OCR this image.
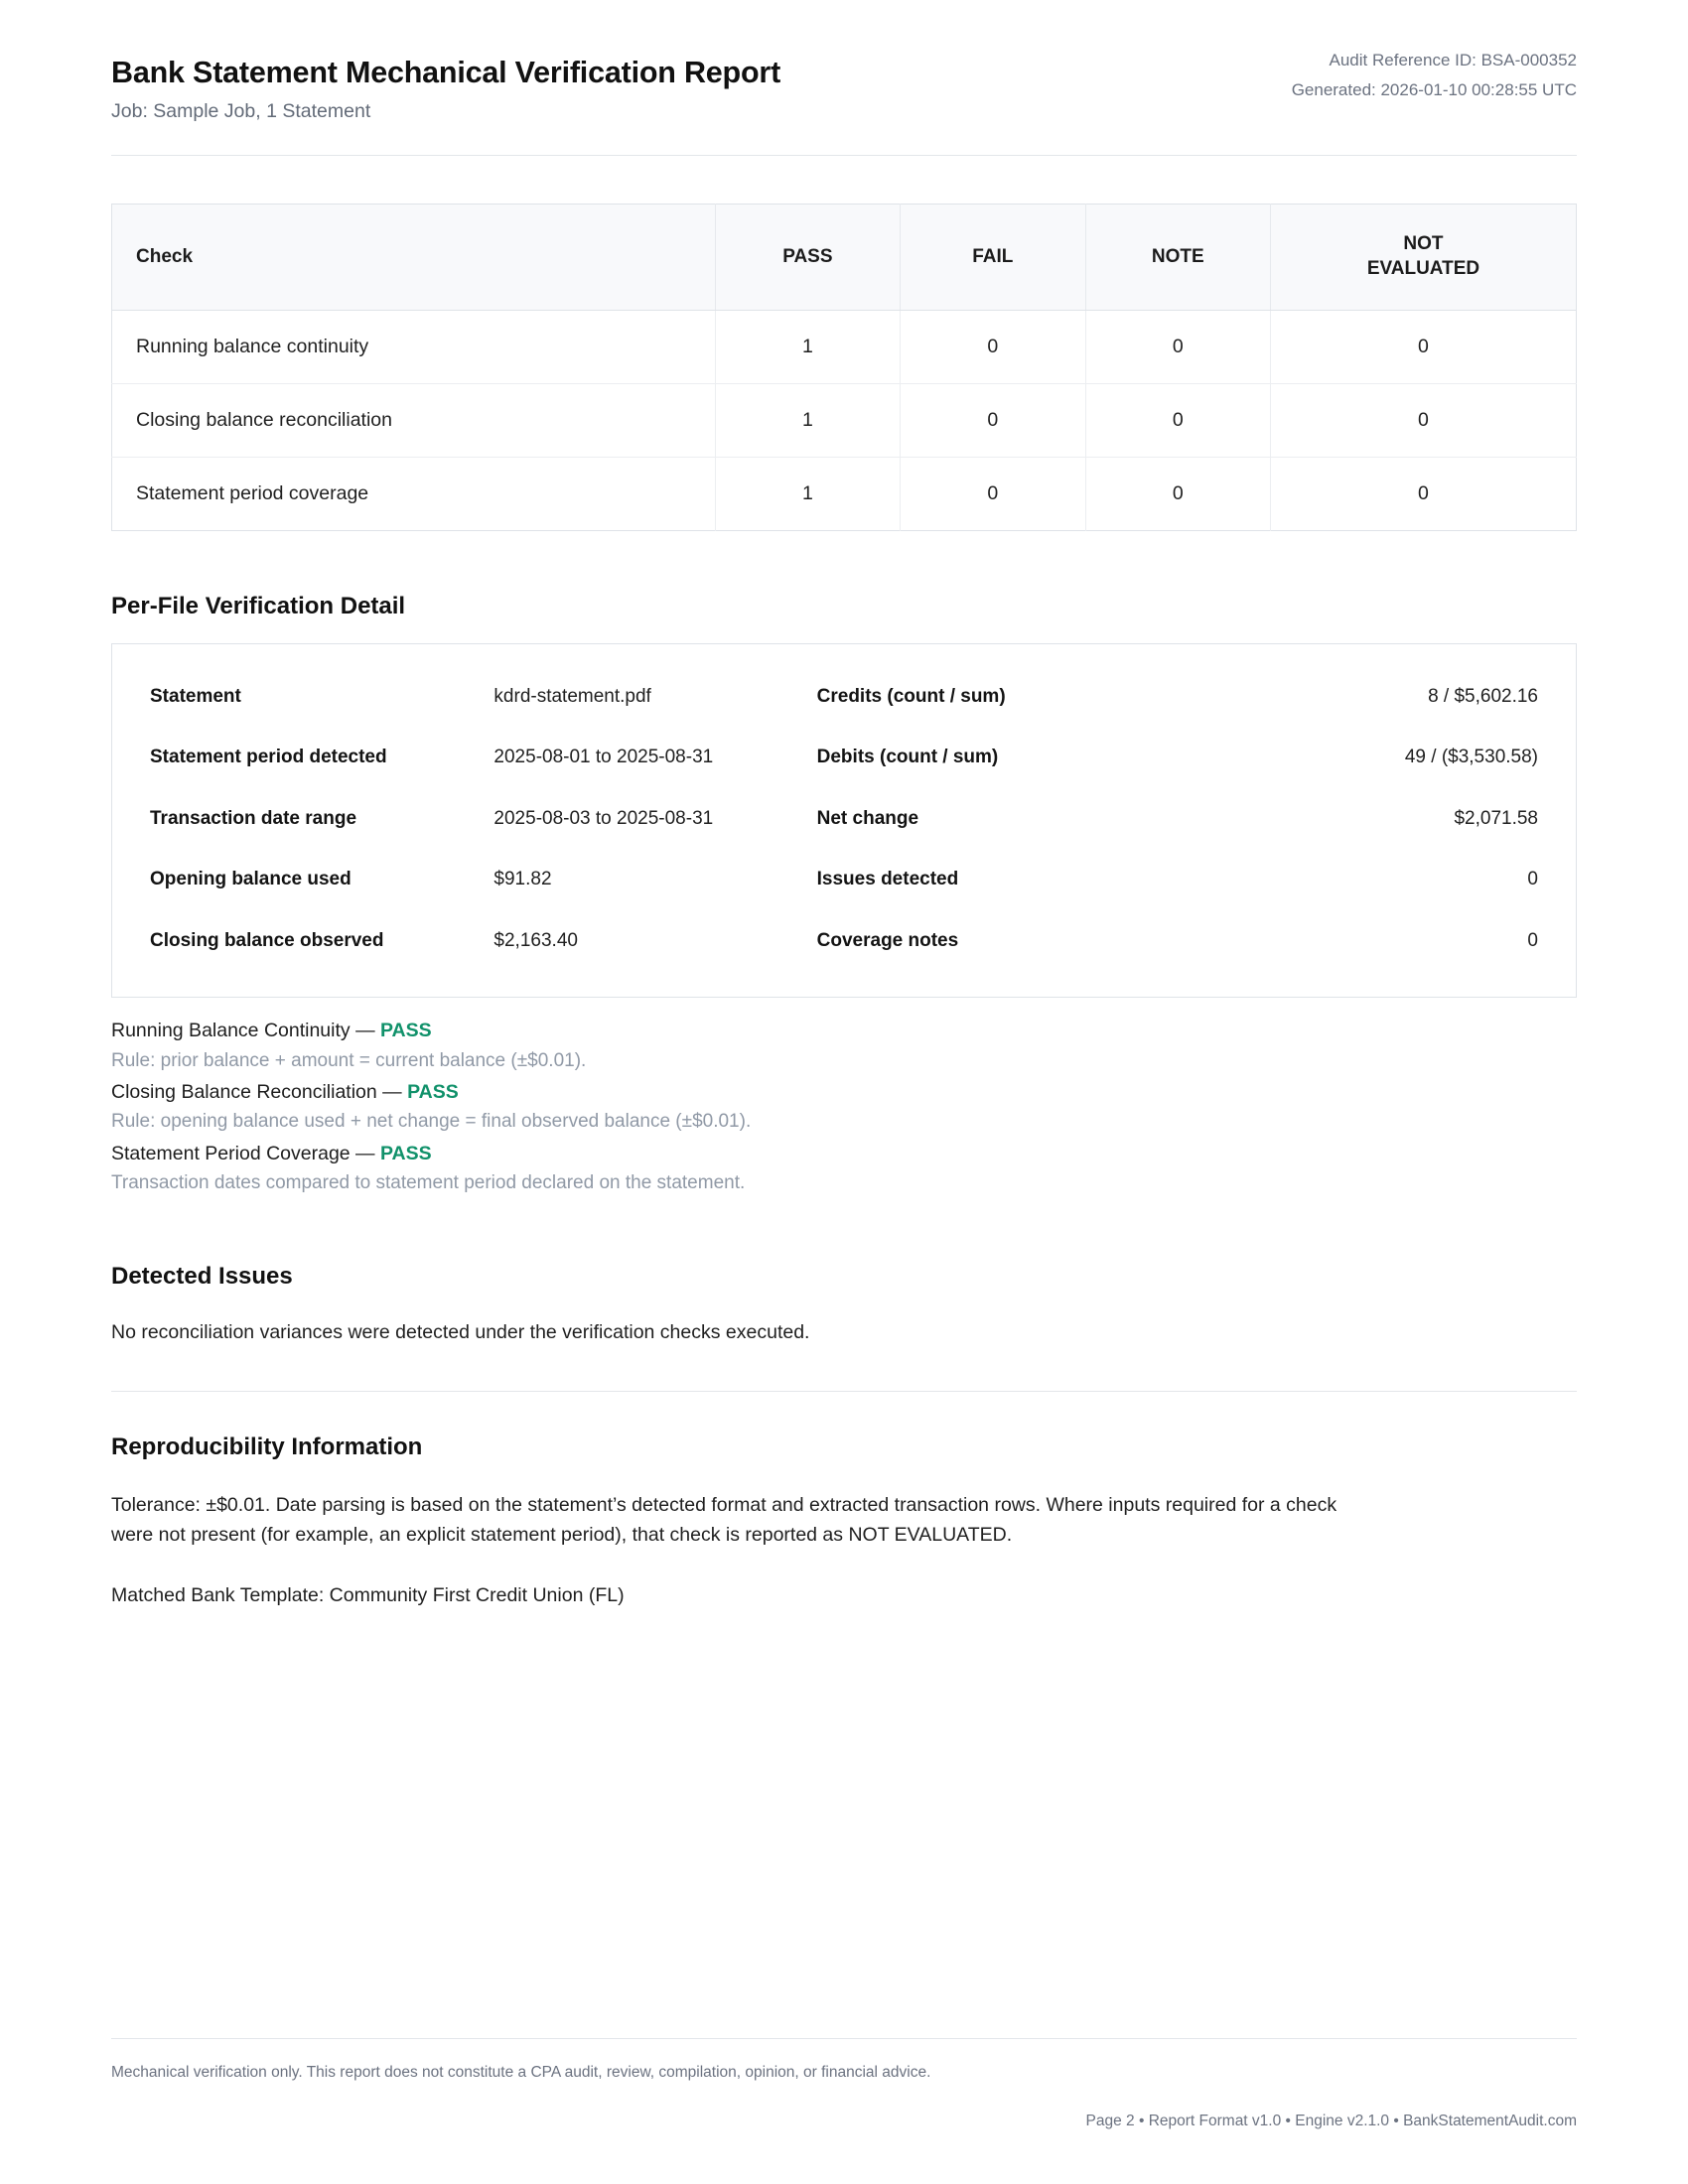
Bank Statement Mechanical Verification Report

Job: Sample Job, 1 Statement

Audit Reference ID: BSA-000352
Generated: 2026-01-10 00:28:55 UTC
Check	PASS	FAIL	NOTE	NOT
EVALUATED
Running balance continuity	1	0	0	0
Closing balance reconciliation	1	0	0	0
Statement period coverage	1	0	0	0
Per-File Verification Detail
Statement	kdrd-statement.pdf	Credits (count / sum)	8 / $5,602.16
Statement period detected	2025-08-01 to 2025-08-31	Debits (count / sum)	49 / ($3,530.58)
Transaction date range	2025-08-03 to 2025-08-31	Net change	$2,071.58
Opening balance used	$91.82	Issues detected	0
Closing balance observed	$2,163.40	Coverage notes	0

Running Balance Continuity — PASS

Rule: prior balance + amount = current balance (±$0.01).

Closing Balance Reconciliation — PASS

Rule: opening balance used + net change = final observed balance (±$0.01).

Statement Period Coverage — PASS

Transaction dates compared to statement period declared on the statement.

Detected Issues

No reconciliation variances were detected under the verification checks executed.

Reproducibility Information

Tolerance: ±$0.01. Date parsing is based on the statement’s detected format and extracted transaction rows. Where inputs required for a check were not present (for example, an explicit statement period), that check is reported as NOT EVALUATED.

Matched Bank Template: Community First Credit Union (FL)

Mechanical verification only. This report does not constitute a CPA audit, review, compilation, opinion, or financial advice.

Page 2 • Report Format v1.0 • Engine v2.1.0 • BankStatementAudit.com
